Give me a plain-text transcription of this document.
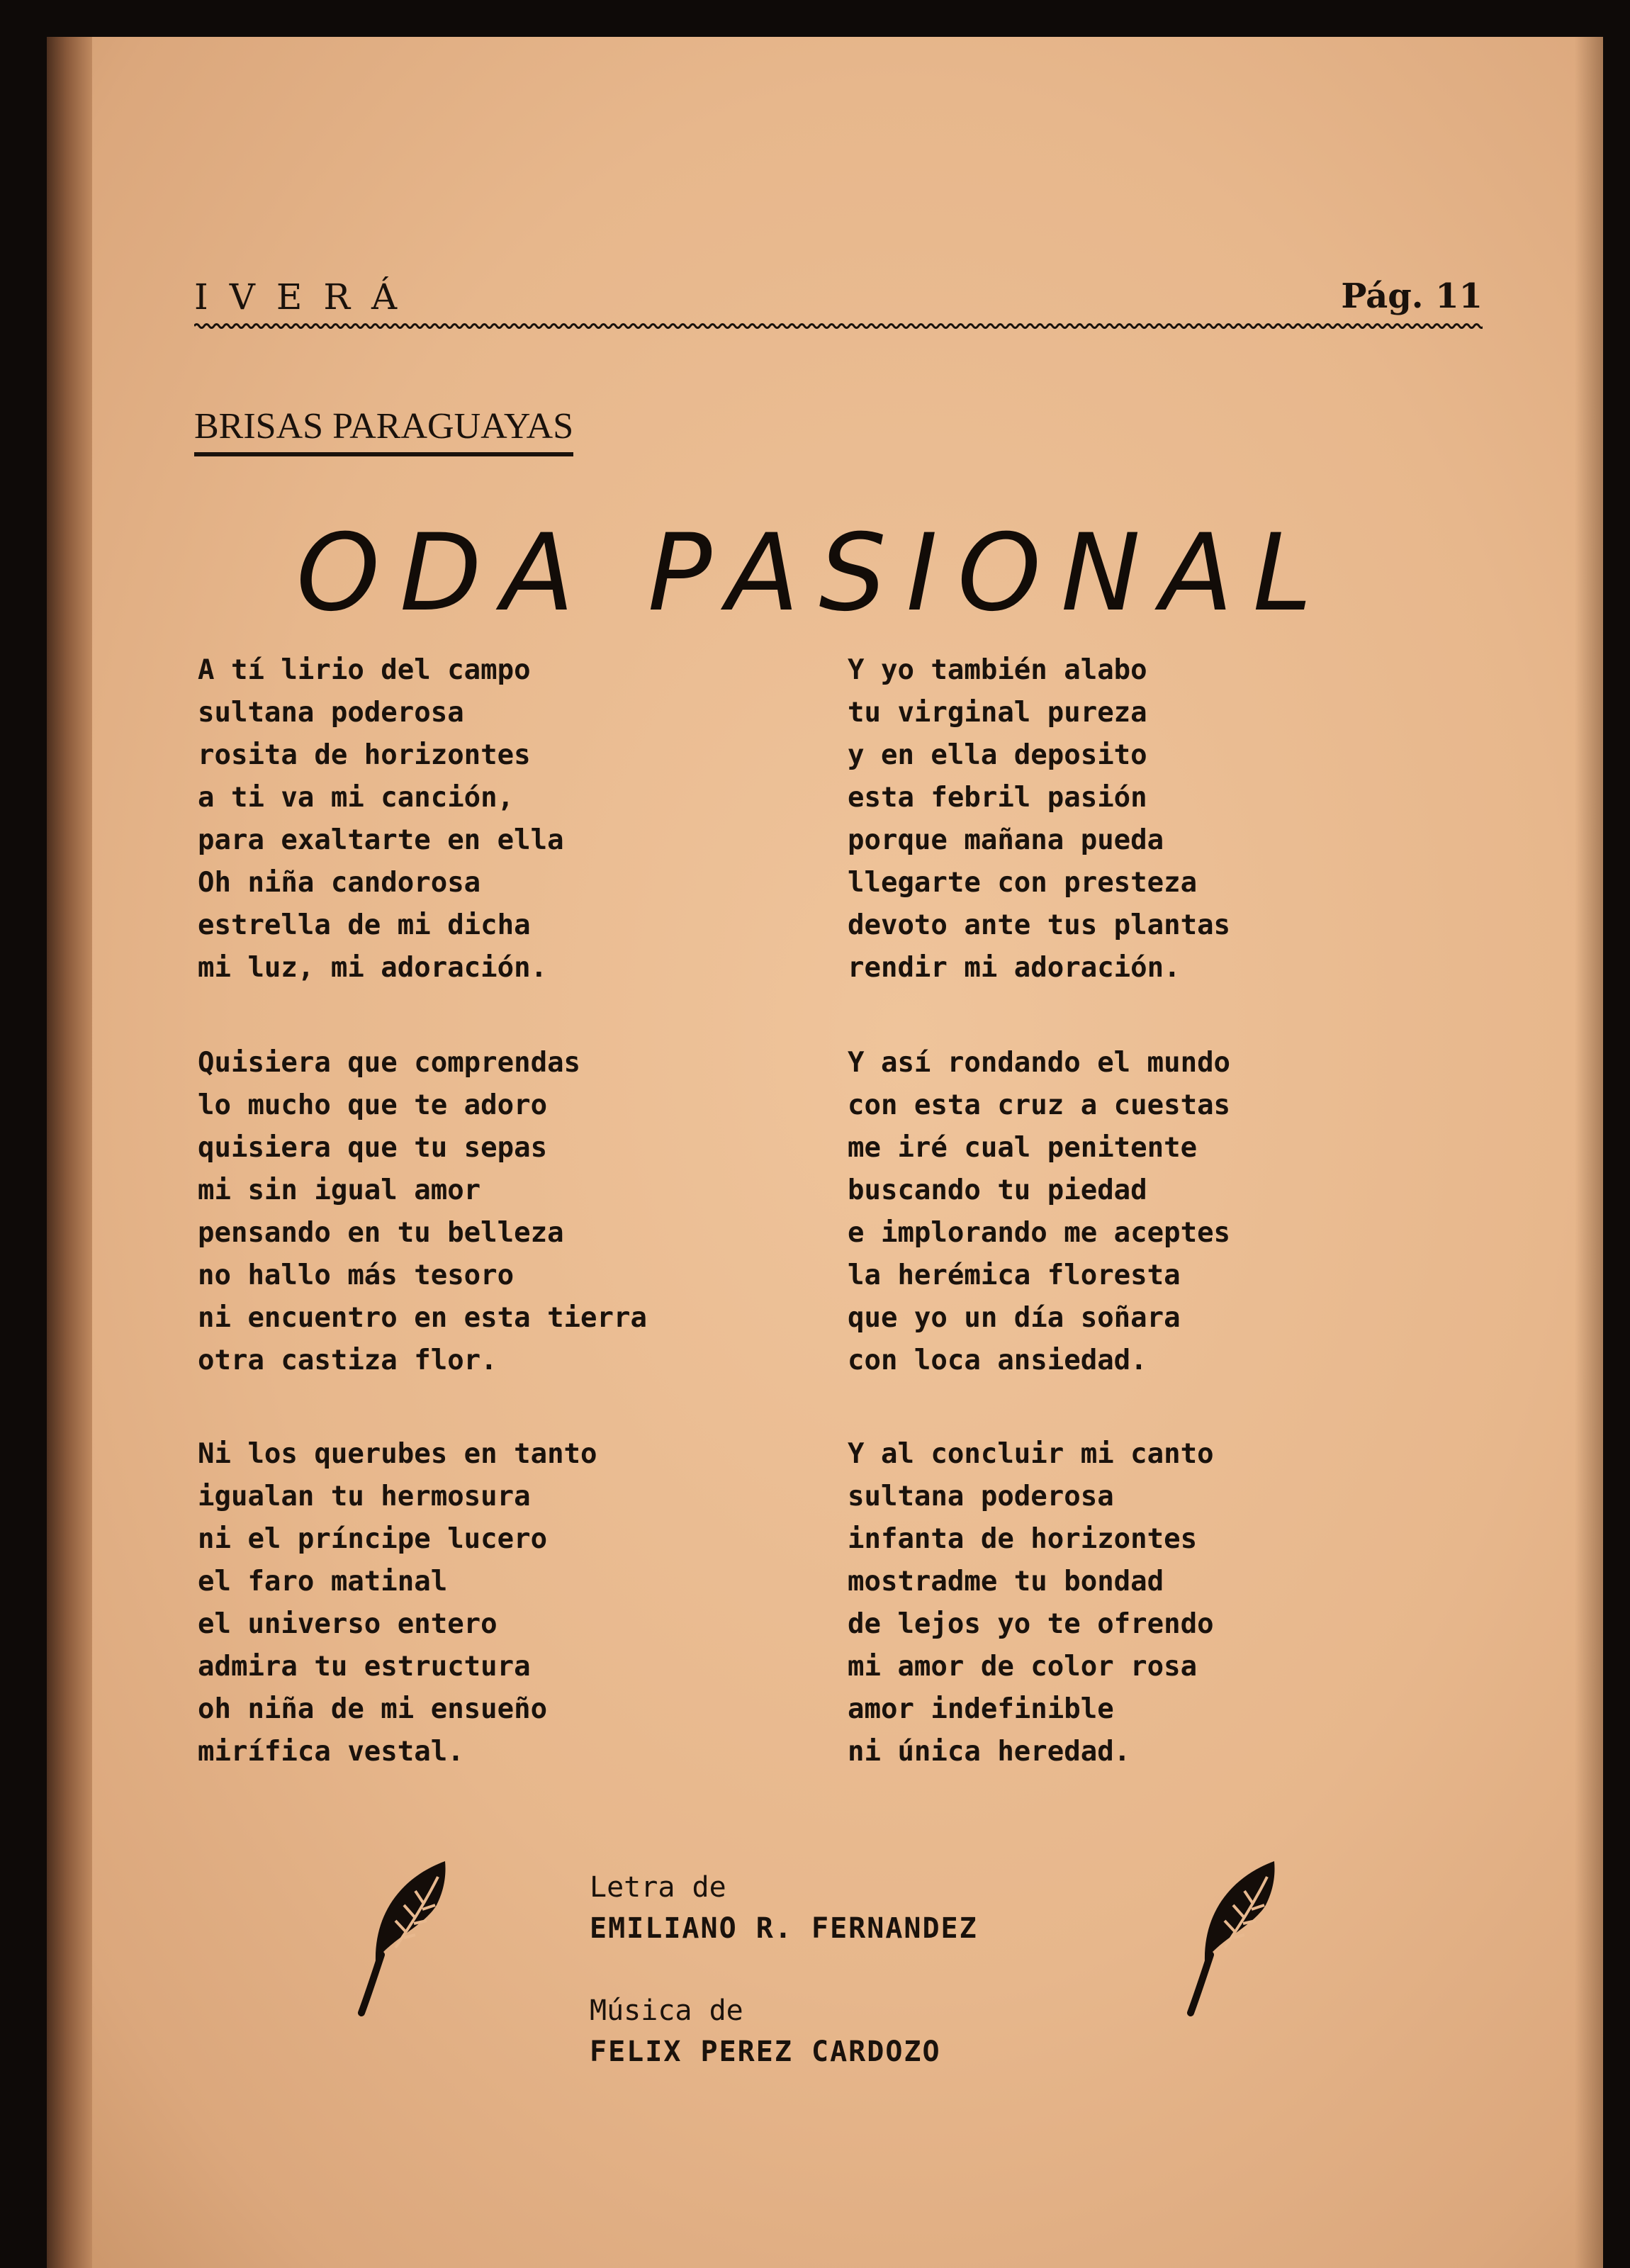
IVERÁ	Pág. 11
BRISAS PARAGUAYAS
ODA PASIONAL
A tí lirio del campo
sultana poderosa
rosita de horizontes
a ti va mi canción,
para exaltarte en ella
Oh niña candorosa
estrella de mi dicha
mi luz, mi adoración.
Quisiera que comprendas
lo mucho que te adoro
quisiera que tu sepas
mi sin igual amor
pensando en tu belleza
no hallo más tesoro
ni encuentro en esta tierra
otra castiza flor.
Ni los querubes en tanto
igualan tu hermosura
ni el príncipe lucero
el faro matinal
el universo entero
admira tu estructura
oh niña de mi ensueño
mirífica vestal.
Y yo también alabo
tu virginal pureza
y en ella deposito
esta febril pasión
porque mañana pueda
llegarte con presteza
devoto ante tus plantas
rendir mi adoración.
Y así rondando el mundo
con esta cruz a cuestas
me iré cual penitente
buscando tu piedad
e implorando me aceptes
la herémica floresta
que yo un día soñara
con loca ansiedad.
Y al concluir mi canto
sultana poderosa
infanta de horizontes
mostradme tu bondad
de lejos yo te ofrendo
mi amor de color rosa
amor indefinible
ni única heredad.
Letra de
EMILIANO R. FERNANDEZ
Música de
FELIX PEREZ CARDOZO
